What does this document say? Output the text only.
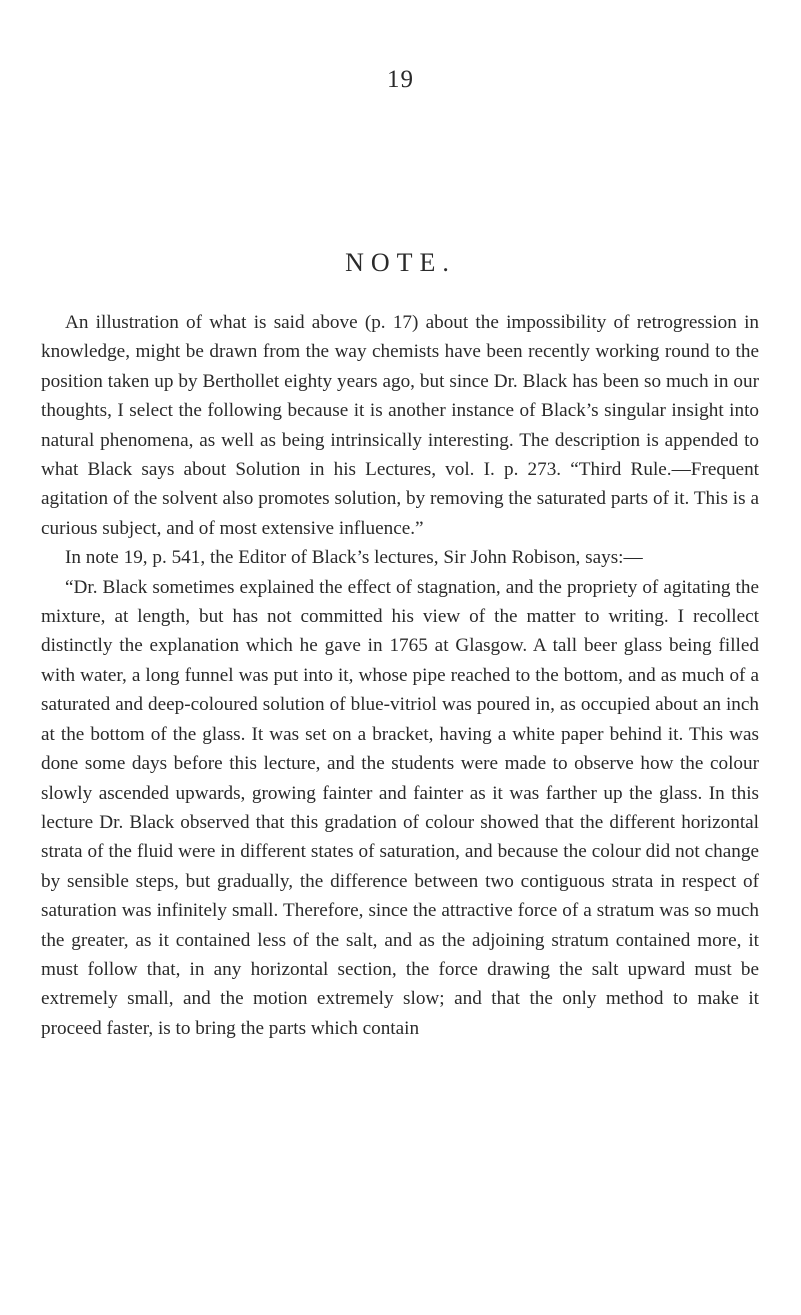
19
NOTE.

An illustration of what is said above (p. 17) about the impossibility of retrogression in knowledge, might be drawn from the way chemists have been recently working round to the position taken up by Berthollet eighty years ago, but since Dr. Black has been so much in our thoughts, I select the following because it is another instance of Black’s singular insight into natural phenomena, as well as being intrinsically interesting. The description is appended to what Black says about Solution in his Lectures, vol. I. p. 273. “Third Rule.—Frequent agitation of the solvent also promotes solution, by removing the saturated parts of it. This is a curious subject, and of most extensive influence.”

In note 19, p. 541, the Editor of Black’s lectures, Sir John Robison, says:—

“Dr. Black sometimes explained the effect of stagnation, and the propriety of agitating the mixture, at length, but has not committed his view of the matter to writing. I recollect distinctly the explanation which he gave in 1765 at Glasgow. A tall beer glass being filled with water, a long funnel was put into it, whose pipe reached to the bottom, and as much of a saturated and deep-coloured solution of blue-vitriol was poured in, as occupied about an inch at the bottom of the glass. It was set on a bracket, having a white paper behind it. This was done some days before this lecture, and the students were made to observe how the colour slowly ascended upwards, growing fainter and fainter as it was farther up the glass. In this lecture Dr. Black observed that this gradation of colour showed that the different horizontal strata of the fluid were in different states of saturation, and because the colour did not change by sensible steps, but gradually, the difference between two contiguous strata in respect of saturation was infinitely small. Therefore, since the attractive force of a stratum was so much the greater, as it contained less of the salt, and as the adjoining stratum contained more, it must follow that, in any horizontal section, the force drawing the salt upward must be extremely small, and the motion extremely slow; and that the only method to make it proceed faster, is to bring the parts which contain
